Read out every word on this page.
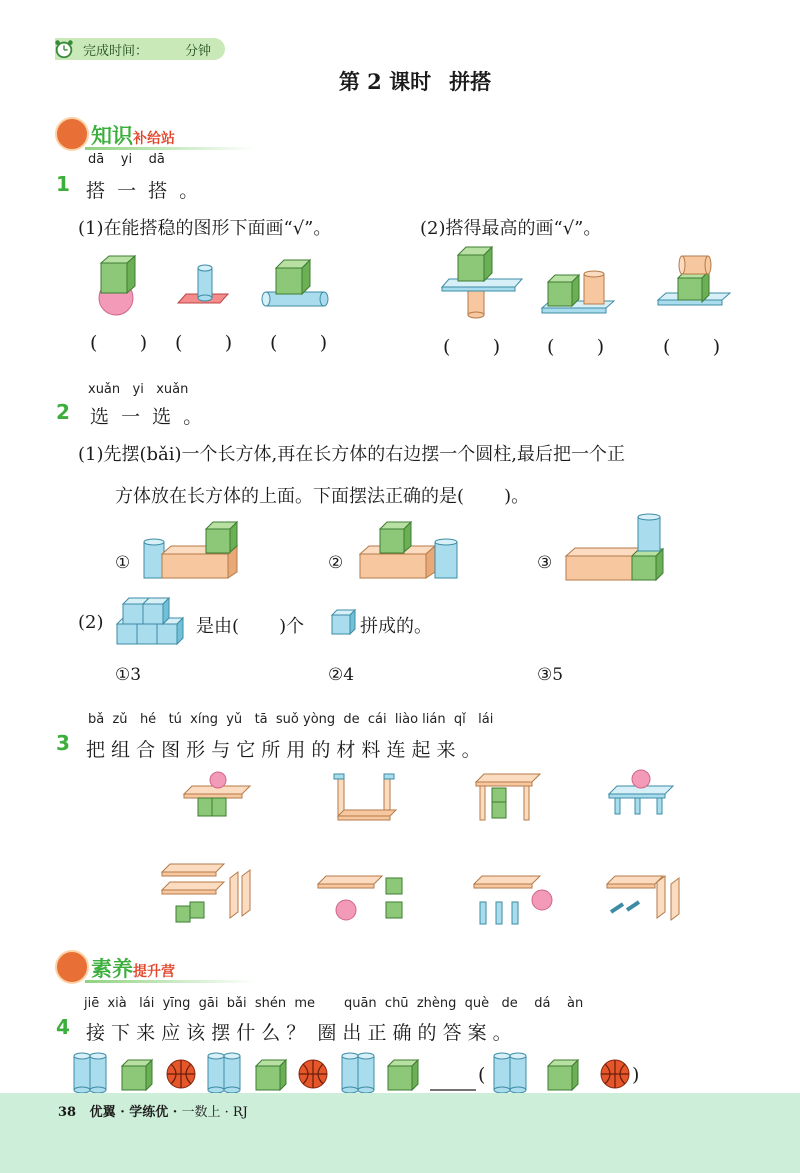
完成时间：	分钟
第 2 课时 拼搭
知识补给站
dā    yi    dā
1 搭  一  搭  。
(1)在能搭稳的图形下面画“√”。	(2)搭得最高的画“√”。
(       ) (       ) (       )	(       ) (       )	(       )
xuǎn   yi   xuǎn
2 选  一  选  。
(1)先摆(bǎi)一个长方体,再在长方体的右边摆一个圆柱,最后把一个正
方体放在长方体的上面。下面摆法正确的是(       )。
①	②	③
(2)	是由(       )个	拼成的。
①3	②4	③5
bǎ  zǔ   hé   tú  xíng  yǔ   tā  suǒ yòng  de  cái  liào lián  qǐ   lái
3 把 组 合 图 形 与 它 所 用 的 材 料 连 起 来 。
素养提升营
jiē  xià   lái  yīng  gāi  bǎi  shén  me       quān  chū  zhèng  què   de    dá    àn
4 接 下 来 应 该 摆 什 么 ？  圈 出 正 确 的 答 案 。
(	)
38 优翼 · 学练优 · 一数上 · RJ
